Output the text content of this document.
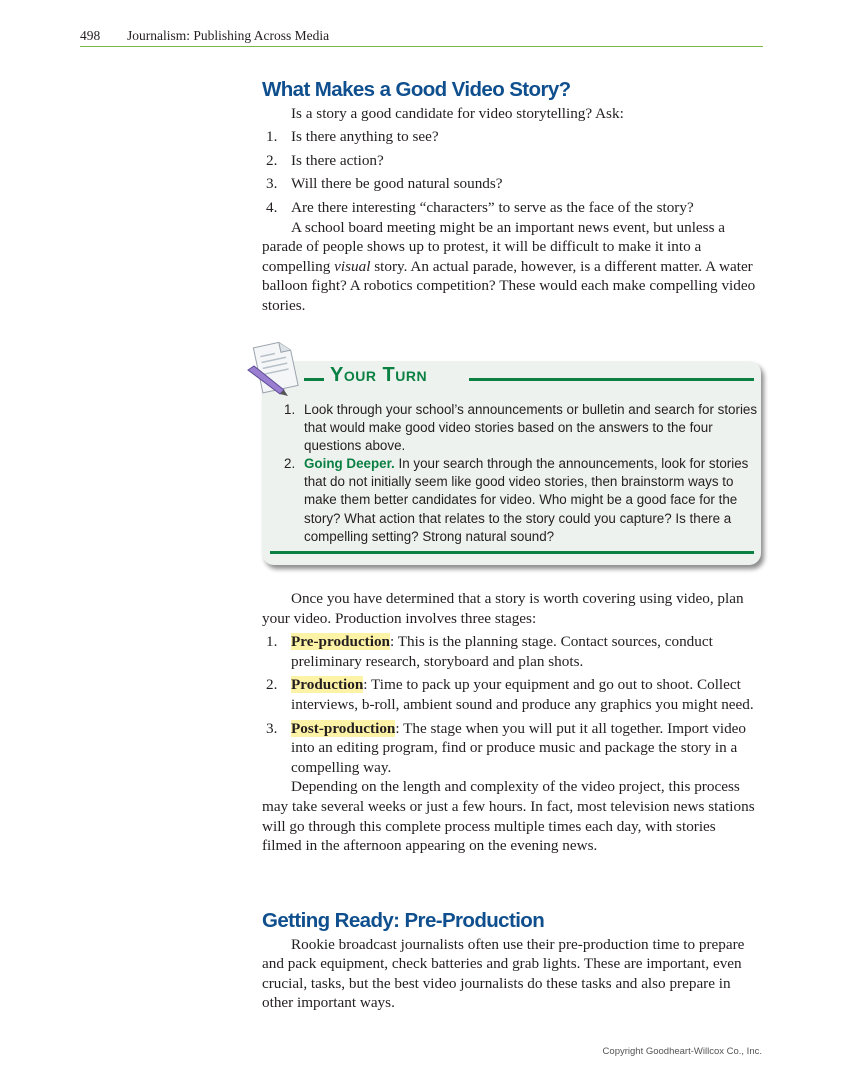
498 Journalism: Publishing Across Media
What Makes a Good Video Story?

Is a story a good candidate for video storytelling? Ask:

1. Is there anything to see?
2. Is there action?
3. Will there be good natural sounds?
4. Are there interesting “characters” to serve as the face of the story?

A school board meeting might be an important news event, but unless a parade of people shows up to protest, it will be difficult to make it into a compelling visual story. An actual parade, however, is a different matter. A water balloon fight? A robotics competition? These would each make compelling video stories.

Your Turn
1. Look through your school’s announcements or bulletin and search for stories that would make good video stories based on the answers to the four questions above.
2. Going Deeper. In your search through the announcements, look for stories that do not initially seem like good video stories, then brainstorm ways to make them better candidates for video. Who might be a good face for the story? What action that relates to the story could you capture? Is there a compelling setting? Strong natural sound?

Once you have determined that a story is worth covering using video, plan your video. Production involves three stages:

1. Pre-production: This is the planning stage. Contact sources, conduct preliminary research, storyboard and plan shots.
2. Production: Time to pack up your equipment and go out to shoot. Collect interviews, b-roll, ambient sound and produce any graphics you might need.
3. Post-production: The stage when you will put it all together. Import video into an editing program, find or produce music and package the story in a compelling way.

Depending on the length and complexity of the video project, this process may take several weeks or just a few hours. In fact, most television news stations will go through this complete process multiple times each day, with stories filmed in the afternoon appearing on the evening news.

Getting Ready: Pre-Production

Rookie broadcast journalists often use their pre-production time to prepare and pack equipment, check batteries and grab lights. These are important, even crucial, tasks, but the best video journalists do these tasks and also prepare in other important ways.

Copyright Goodheart-Willcox Co., Inc.
